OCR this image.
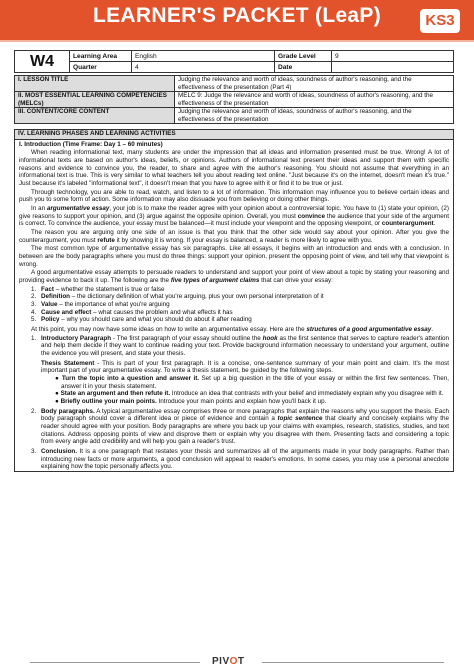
LEARNER'S PACKET (LeaP)	KS3
W4	Learning Area	English	Grade Level	9
	Quarter	4	Date	
I. LESSON TITLE	Judging the relevance and worth of ideas, soundness of author's reasoning, and the effectiveness of the presentation (Part 4)
II. MOST ESSENTIAL LEARNING COMPETENCIES (MELCs)	MELC 9: Judge the relevance and worth of ideas, soundness of author's reasoning, and the effectiveness of the presentation
III. CONTENT/CORE CONTENT	Judging the relevance and worth of ideas, soundness of author's reasoning, and the effectiveness of the presentation
IV. LEARNING PHASES AND LEARNING ACTIVITIES

I. Introduction (Time Frame: Day 1 – 60 minutes)

When reading informational text, many students are under the impression that all ideas and information presented must be true. Wrong! A lot of informational texts are based on author's ideas, beliefs, or opinions. Authors of informational text present their ideas and support them with specific reasons and evidence to convince you, the reader, to share and agree with the author's reasoning. You should not assume that everything in an informational text is true. This is very similar to what teachers tell you about reading text online. "Just because it's on the internet, doesn't mean it's true." Just because it's labeled "informational text", it doesn't mean that you have to agree with it or find it to be true or just.

Through technology, you are able to read, watch, and listen to a lot of information. This information may influence you to believe certain ideas and push you to some form of action. Some information may also dissuade you from believing or doing other things.

In an argumentative essay, your job is to make the reader agree with your opinion about a controversial topic. You have to (1) state your opinion, (2) give reasons to support your opinion, and (3) argue against the opposite opinion. Overall, you must convince the audience that your side of the argument is correct. To convince the audience, your essay must be balanced—it must include your viewpoint and the opposing viewpoint, or counterargument.

The reason you are arguing only one side of an issue is that you think that the other side would say about your opinion. After you give the counterargument, you must refute it by showing it is wrong. If your essay is balanced, a reader is more likely to agree with you.

The most common type of argumentative essay has six paragraphs. Like all essays, it begins with an introduction and ends with a conclusion. In between are the body paragraphs where you must do three things: support your opinion, present the opposing point of view, and tell why that viewpoint is wrong.

A good argumentative essay attempts to persuade readers to understand and support your point of view about a topic by stating your reasoning and providing evidence to back it up. The following are the five types of argument claims that can drive your essay:

1. Fact – whether the statement is true or false
2. Definition – the dictionary definition of what you're arguing, plus your own personal interpretation of it
3. Value – the importance of what you're arguing
4. Cause and effect – what causes the problem and what effects it has
5. Policy – why you should care and what you should do about it after reading

At this point, you may now have some ideas on how to write an argumentative essay. Here are the structures of a good argumentative essay.

1. Introductory Paragraph - The first paragraph of your essay should outline the hook as the first sentence that serves to capture reader's attention and help them decide if they want to continue reading your text. Provide background information necessary to understand your argument, outline the evidence you will present, and state your thesis.
Thesis Statement - This is part of your first paragraph. It is a concise, one-sentence summary of your main point and claim. It's the most important part of your argumentative essay. To write a thesis statement, be guided by the following steps.
● Turn the topic into a question and answer it. Set up a big question in the title of your essay or within the first few sentences. Then, answer it in your thesis statement.
● State an argument and then refute it. Introduce an idea that contrasts with your belief and immediately explain why you disagree with it.
● Briefly outline your main points. Introduce your main points and explain how you'll back it up.
2. Body paragraphs. A typical argumentative essay comprises three or more paragraphs that explain the reasons why you support the thesis. Each body paragraph should cover a different idea or piece of evidence and contain a topic sentence that clearly and concisely explains why the reader should agree with your position. Body paragraphs are where you back up your claims with examples, research, statistics, studies, and text citations. Address opposing points of view and disprove them or explain why you disagree with them. Presenting facts and considering a topic from every angle add credibility and will help you gain a reader's trust.
3. Conclusion. It is a one paragraph that restates your thesis and summarizes all of the arguments made in your body paragraphs. Rather than introducing new facts or more arguments, a good conclusion will appeal to reader's emotions. In some cases, you may use a personal anecdote explaining how the topic personally affects you.
PIVOT
